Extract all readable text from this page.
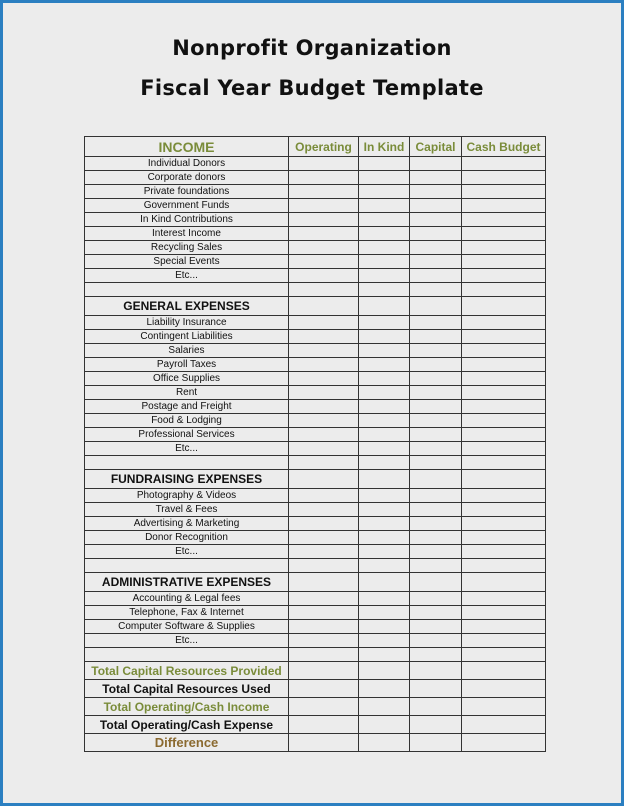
Nonprofit Organization
Fiscal Year Budget Template
INCOME	Operating	In Kind	Capital	Cash Budget
Individual Donors				
Corporate donors				
Private foundations				
Government Funds				
In Kind Contributions				
Interest Income				
Recycling Sales				
Special Events				
Etc...				

GENERAL EXPENSES				
Liability Insurance				
Contingent Liabilities				
Salaries				
Payroll Taxes				
Office Supplies				
Rent				
Postage and Freight				
Food & Lodging				
Professional Services				
Etc...				

FUNDRAISING EXPENSES				
Photography & Videos				
Travel & Fees				
Advertising & Marketing				
Donor Recognition				
Etc...				

ADMINISTRATIVE EXPENSES				
Accounting & Legal fees				
Telephone, Fax & Internet				
Computer Software & Supplies				
Etc...				

Total Capital Resources Provided				
Total Capital Resources Used				
Total Operating/Cash Income				
Total Operating/Cash Expense				
Difference				
